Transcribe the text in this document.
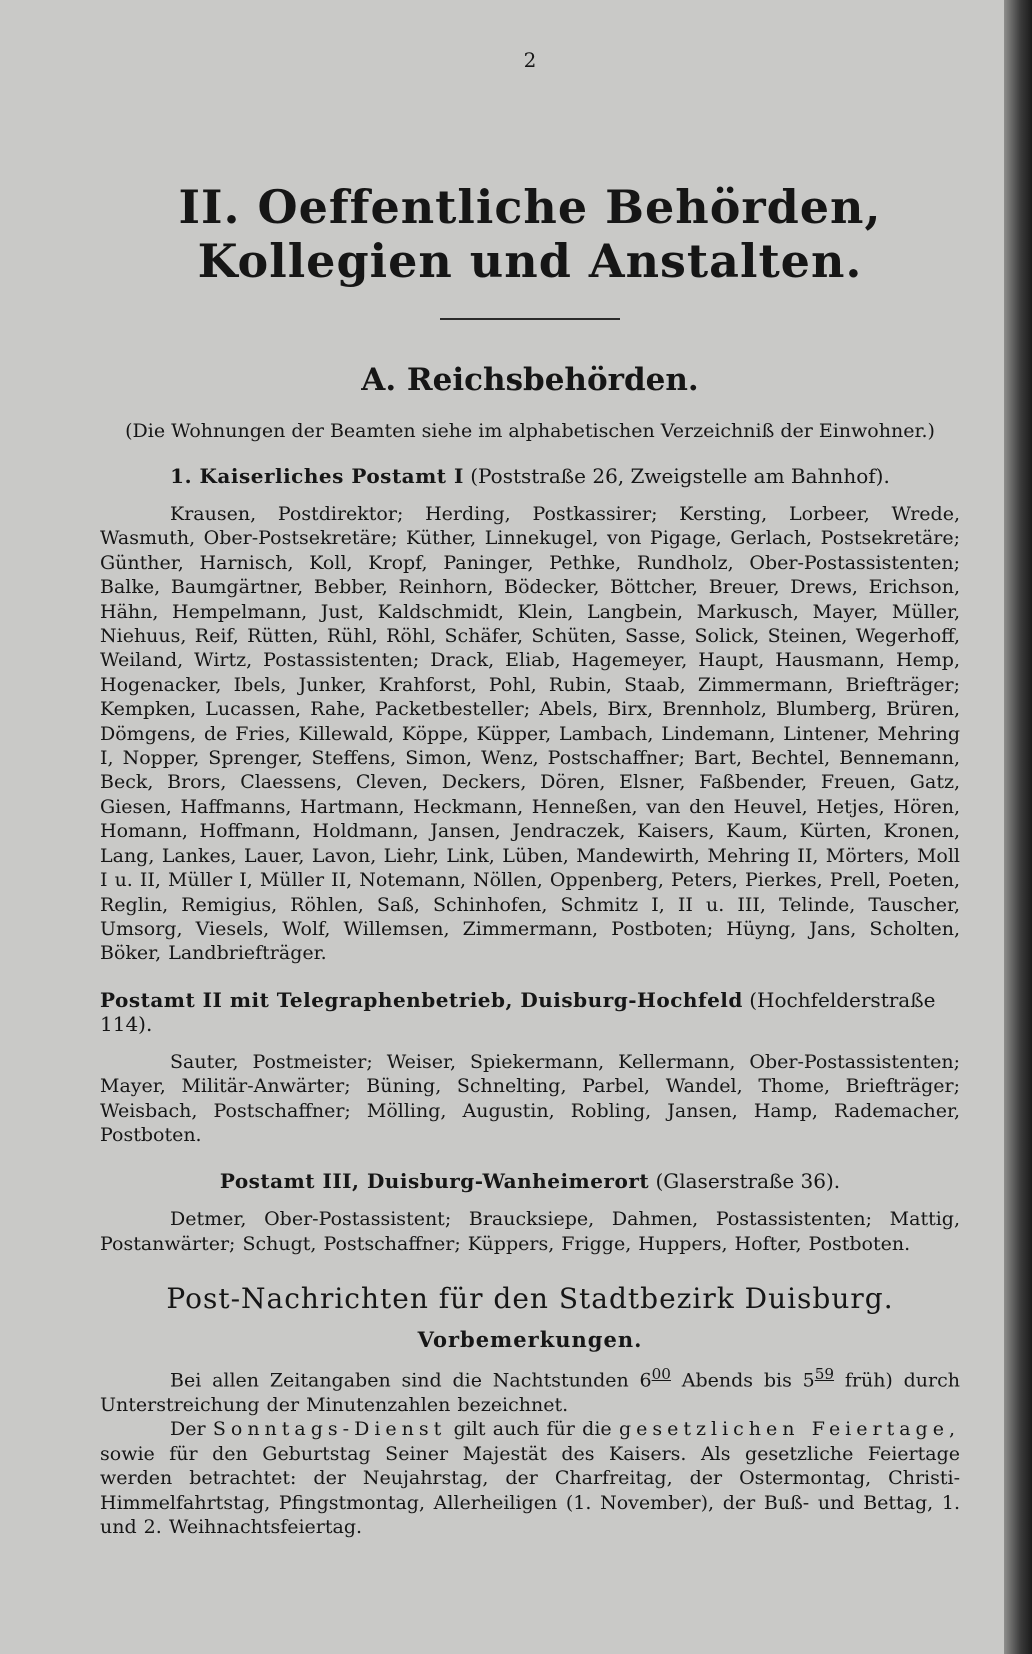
2
II. Oeffentliche Behörden, Kollegien und Anstalten.
A. Reichsbehörden.
(Die Wohnungen der Beamten siehe im alphabetischen Verzeichniß der Einwohner.)
1. Kaiserliches Postamt I (Poststraße 26, Zweigstelle am Bahnhof).

Krausen, Postdirektor; Herding, Postkassirer; Kersting, Lorbeer, Wrede, Wasmuth, Ober-Postsekretäre; Küther, Linnekugel, von Pigage, Gerlach, Postsekretäre; Günther, Harnisch, Koll, Kropf, Paninger, Pethke, Rundholz, Ober-Postassistenten; Balke, Baumgärtner, Bebber, Reinhorn, Bödecker, Böttcher, Breuer, Drews, Erichson, Hähn, Hempelmann, Just, Kaldschmidt, Klein, Langbein, Markusch, Mayer, Müller, Niehuus, Reif, Rütten, Rühl, Röhl, Schäfer, Schüten, Sasse, Solick, Steinen, Wegerhoff, Weiland, Wirtz, Postassistenten; Drack, Eliab, Hagemeyer, Haupt, Hausmann, Hemp, Hogenacker, Ibels, Junker, Krahforst, Pohl, Rubin, Staab, Zimmermann, Briefträger; Kempken, Lucassen, Rahe, Packetbesteller; Abels, Birx, Brennholz, Blumberg, Brüren, Dömgens, de Fries, Killewald, Köppe, Küpper, Lambach, Lindemann, Lintener, Mehring I, Nopper, Sprenger, Steffens, Simon, Wenz, Postschaffner; Bart, Bechtel, Bennemann, Beck, Brors, Claessens, Cleven, Deckers, Dören, Elsner, Faßbender, Freuen, Gatz, Giesen, Haffmanns, Hartmann, Heckmann, Henneßen, van den Heuvel, Hetjes, Hören, Homann, Hoffmann, Holdmann, Jansen, Jendraczek, Kaisers, Kaum, Kürten, Kronen, Lang, Lankes, Lauer, Lavon, Liehr, Link, Lüben, Mandewirth, Mehring II, Mörters, Moll I u. II, Müller I, Müller II, Notemann, Nöllen, Oppenberg, Peters, Pierkes, Prell, Poeten, Reglin, Remigius, Röhlen, Saß, Schinhofen, Schmitz I, II u. III, Telinde, Tauscher, Umsorg, Viesels, Wolf, Willemsen, Zimmermann, Postboten; Hüyng, Jans, Scholten, Böker, Landbriefträger.

Postamt II mit Telegraphenbetrieb, Duisburg-Hochfeld (Hochfelderstraße 114).

Sauter, Postmeister; Weiser, Spiekermann, Kellermann, Ober-Postassistenten; Mayer, Militär-Anwärter; Büning, Schnelting, Parbel, Wandel, Thome, Briefträger; Weisbach, Postschaffner; Mölling, Augustin, Robling, Jansen, Hamp, Rademacher, Postboten.

Postamt III, Duisburg-Wanheimerort (Glaserstraße 36).

Detmer, Ober-Postassistent; Braucksiepe, Dahmen, Postassistenten; Mattig, Postanwärter; Schugt, Postschaffner; Küppers, Frigge, Huppers, Hofter, Postboten.

Post-Nachrichten für den Stadtbezirk Duisburg.
Vorbemerkungen.

Bei allen Zeitangaben sind die Nachtstunden $6^{00}$ Abends bis $5^{59}$ früh) durch Unterstreichung der Minutenzahlen bezeichnet.

Der Sonntags-Dienst gilt auch für die gesetzlichen Feiertage, sowie für den Geburtstag Seiner Majestät des Kaisers. Als gesetzliche Feiertage werden betrachtet: der Neujahrstag, der Charfreitag, der Ostermontag, Christi-Himmelfahrtstag, Pfingstmontag, Allerheiligen (1. November), der Buß- und Bettag, 1. und 2. Weihnachtsfeiertag.
